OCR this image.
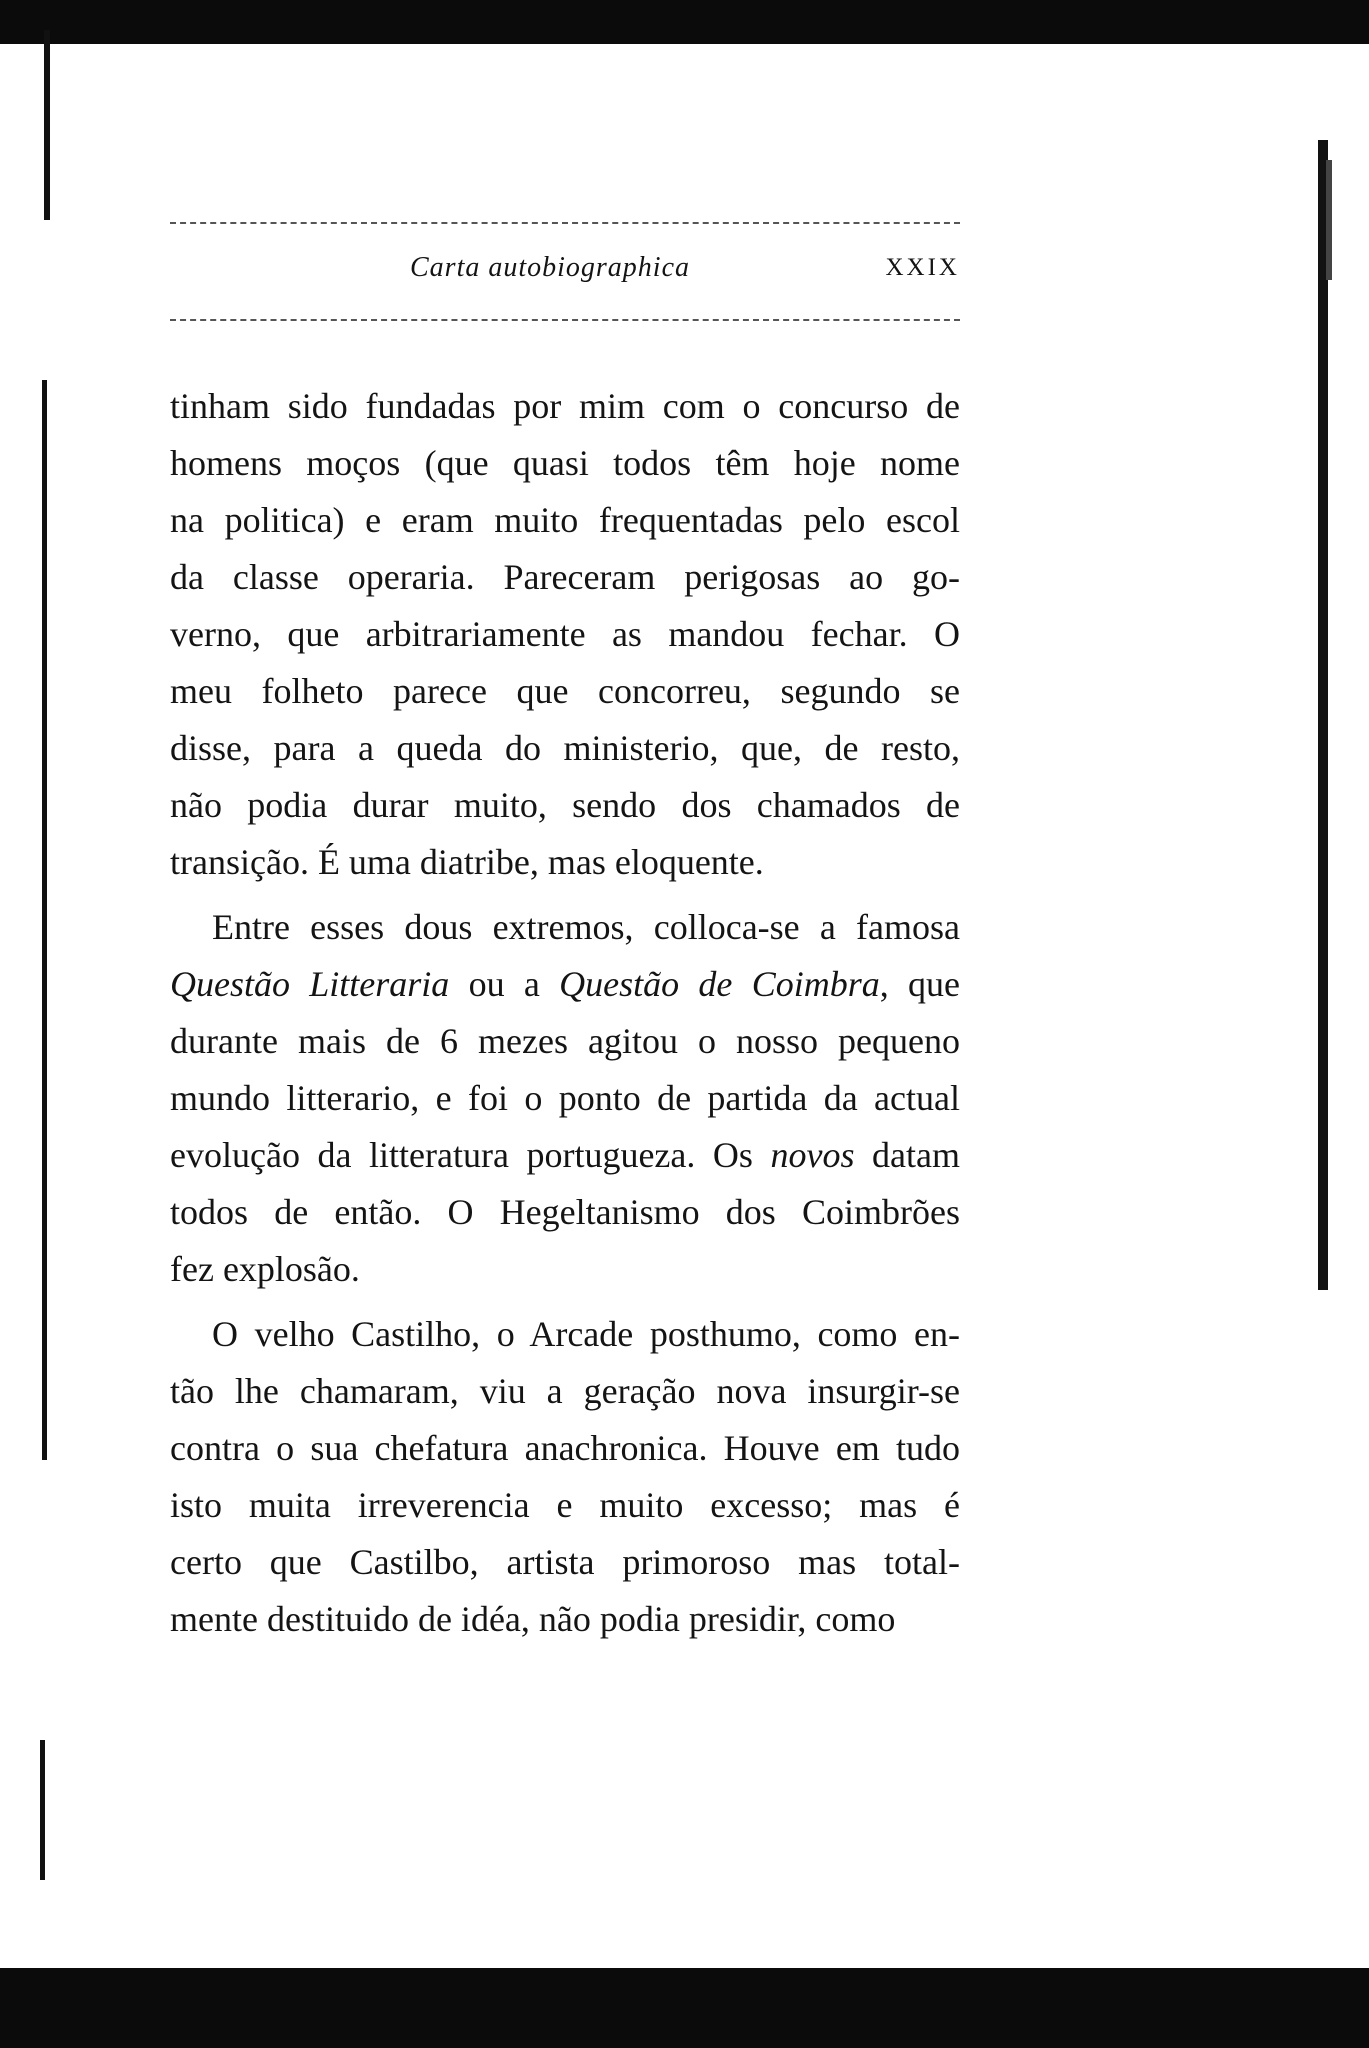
Carta autobiographica	XXIX
tinham sido fundadas por mim com o concurso de
homens moços (que quasi todos têm hoje nome
na politica) e eram muito frequentadas pelo escol
da classe operaria. Pareceram perigosas ao go-
verno, que arbitrariamente as mandou fechar. O
meu folheto parece que concorreu, segundo se
disse, para a queda do ministerio, que, de resto,
não podia durar muito, sendo dos chamados de
transição. É uma diatribe, mas eloquente.
Entre esses dous extremos, colloca-se a famosa
Questão Litteraria ou a Questão de Coimbra, que
durante mais de 6 mezes agitou o nosso pequeno
mundo litterario, e foi o ponto de partida da actual
evolução da litteratura portugueza. Os novos datam
todos de então. O Hegeltanismo dos Coimbrões
fez explosão.
O velho Castilho, o Arcade posthumo, como en-
tão lhe chamaram, viu a geração nova insurgir-se
contra o sua chefatura anachronica. Houve em tudo
isto muita irreverencia e muito excesso; mas é
certo que Castilbo, artista primoroso mas total-
mente destituido de idéa, não podia presidir, como
